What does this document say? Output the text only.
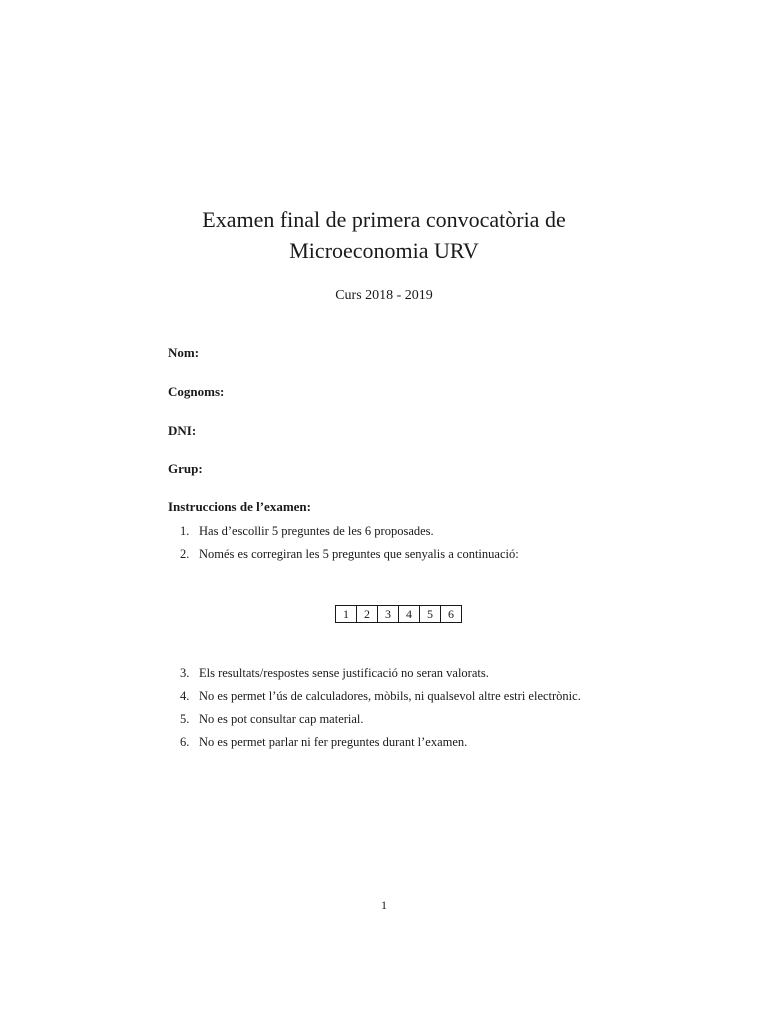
Examen final de primera convocatòria de
Microeconomia URV
Curs 2018 - 2019
Nom:
Cognoms:
DNI:
Grup:
Instruccions de l’examen:
1. Has d’escollir 5 preguntes de les 6 proposades.
2. Només es corregiran les 5 preguntes que senyalis a continuació:
1	2	3	4	5	6
3. Els resultats/respostes sense justificació no seran valorats.
4. No es permet l’ús de calculadores, mòbils, ni qualsevol altre estri electrònic.
5. No es pot consultar cap material.
6. No es permet parlar ni fer preguntes durant l’examen.
1
